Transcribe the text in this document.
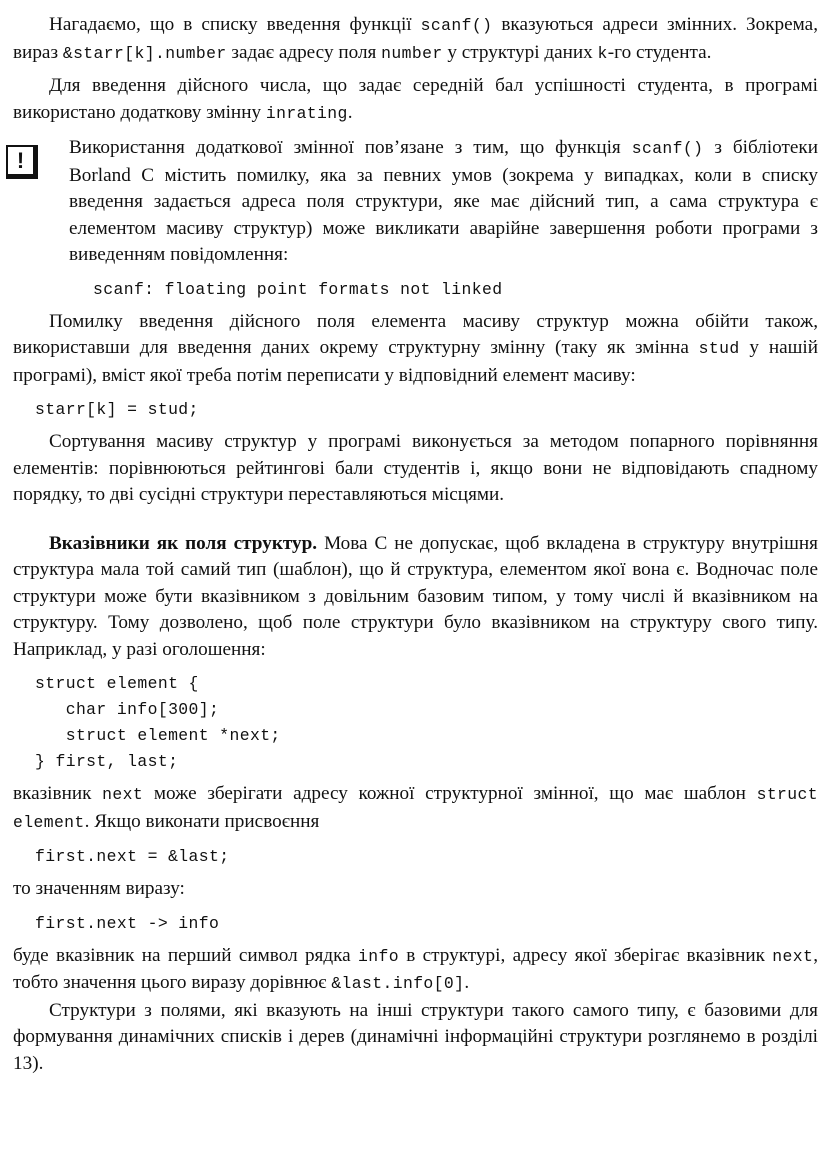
Нагадаємо, що в списку введення функції scanf() вказуються адреси змінних. Зокрема, вираз &starr[k].number задає адресу поля number у структурі даних k-го студента.

Для введення дійсного числа, що задає середній бал успішності студента, в програмі використано додаткову змінну inrating.

!	Використання додаткової змінної пов’язане з тим, що функція scanf() з бібліотеки Borland C містить помилку, яка за певних умов (зокрема у випадках, коли в списку введення задається адреса поля структури, яке має дійсний тип, а сама структура є елементом масиву структур) може викликати аварійне завершення роботи програми з виведенням повідомлення:

scanf: floating point formats not linked

Помилку введення дійсного поля елемента масиву структур можна обійти також, використавши для введення даних окрему структурну змінну (таку як змінна stud у нашій програмі), вміст якої треба потім переписати у відповідний елемент масиву:

starr[k] = stud;

Сортування масиву структур у програмі виконується за методом попарного порівняння елементів: порівнюються рейтингові бали студентів і, якщо вони не відповідають спадному порядку, то дві сусідні структури переставляються місцями.

Вказівники як поля структур. Мова C не допускає, щоб вкладена в структуру внутрішня структура мала той самий тип (шаблон), що й структура, елементом якої вона є. Водночас поле структури може бути вказівником з довільним базовим типом, у тому числі й вказівником на структуру. Тому дозволено, щоб поле структури було вказівником на структуру свого типу. Наприклад, у разі оголошення:

struct element {
char info[300];
struct element *next;
} first, last;

вказівник next може зберігати адресу кожної структурної змінної, що має шаблон struct element. Якщо виконати присвоєння

first.next = &last;

то значенням виразу:

first.next -> info

буде вказівник на перший символ рядка info в структурі, адресу якої зберігає вказівник next, тобто значення цього виразу дорівнює &last.info[0].

Структури з полями, які вказують на інші структури такого самого типу, є базовими для формування динамічних списків і дерев (динамічні інформаційні структури розглянемо в розділі 13).
